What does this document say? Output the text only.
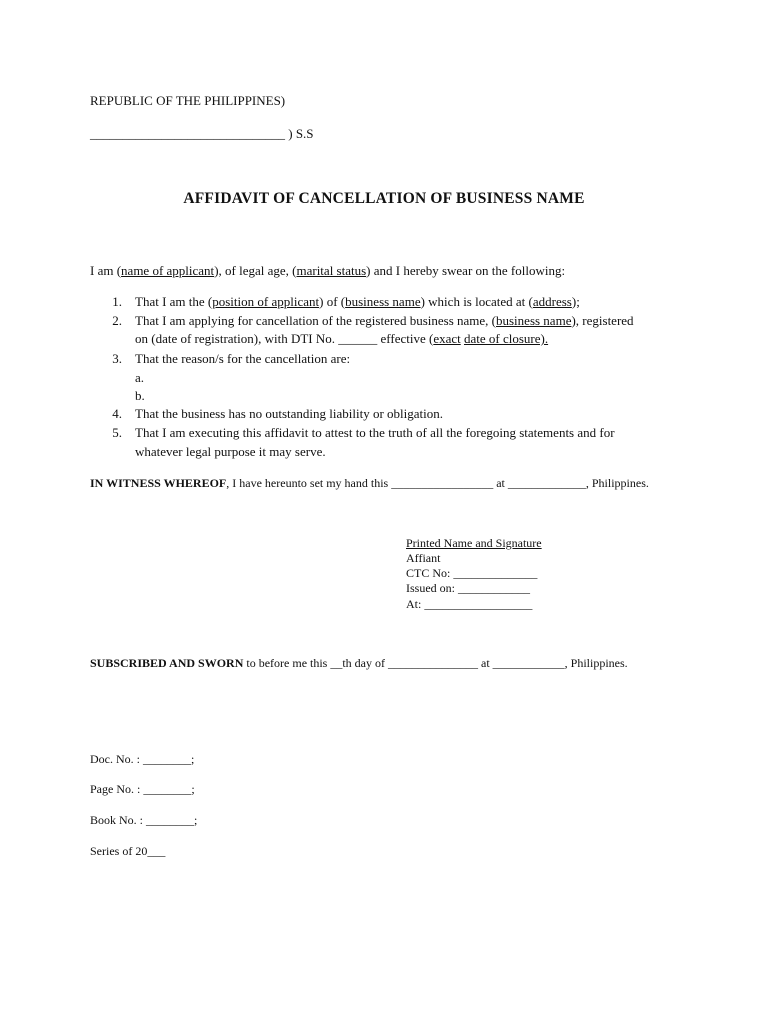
REPUBLIC OF THE PHILIPPINES)
______________________________ ) S.S
AFFIDAVIT OF CANCELLATION OF BUSINESS NAME
I am (name of applicant), of legal age, (marital status) and I hereby swear on the following:
1. That I am the (position of applicant) of (business name) which is located at (address);
2. That I am applying for cancellation of the registered business name, (business name), registered
on (date of registration), with DTI No. ______ effective (exact date of closure).
3. That the reason/s for the cancellation are:
a.
b.
4. That the business has no outstanding liability or obligation.
5. That I am executing this affidavit to attest to the truth of all the foregoing statements and for
whatever legal purpose it may serve.
IN WITNESS WHEREOF, I have hereunto set my hand this _________________ at _____________, Philippines.
Printed Name and Signature
Affiant
CTC No: ______________
Issued on: ____________
At: __________________
SUBSCRIBED AND SWORN to before me this __th day of _______________ at ____________, Philippines.
Doc. No. : ________;
Page No. : ________;
Book No. : ________;
Series of 20___
